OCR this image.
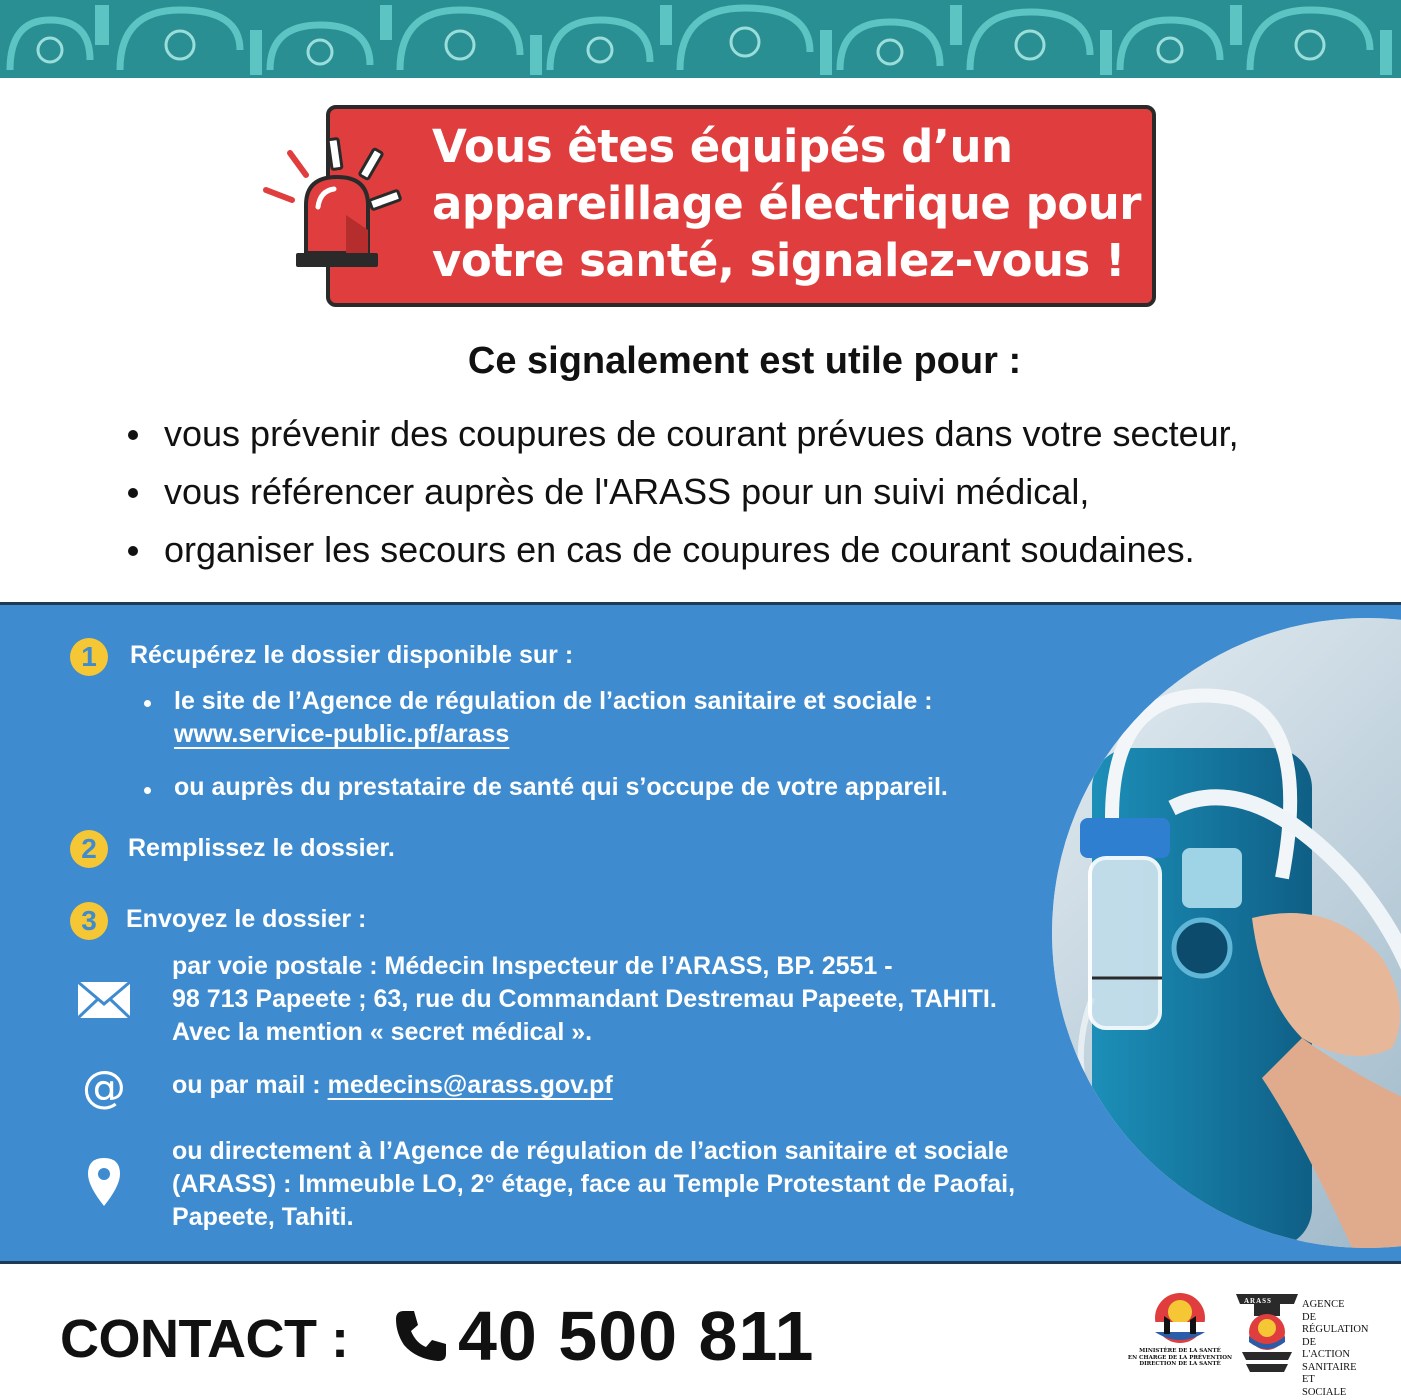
Vous êtes équipés d’un
appareillage électrique pour
votre santé, signalez-vous !
Ce signalement est utile pour :
vous prévenir des coupures de courant prévues dans votre secteur,
vous référencer auprès de l'ARASS pour un suivi médical,
organiser les secours en cas de coupures de courant soudaines.
1	Récupérez le dossier disponible sur :
le site de l’Agence de régulation de l’action sanitaire et sociale :
www.service-public.pf/arass
ou auprès du prestataire de santé qui s’occupe de votre appareil.
2	Remplissez le dossier.
3	Envoyez le dossier :
par voie postale : Médecin Inspecteur de l’ARASS, BP. 2551 -
98 713 Papeete ; 63, rue du Commandant Destremau Papeete, TAHITI.
Avec la mention « secret médical ».
@ ou par mail : medecins@arass.gov.pf
ou directement à l’Agence de régulation de l’action sanitaire et sociale
(ARASS) : Immeuble LO, 2° étage, face au Temple Protestant de Paofai,
Papeete, Tahiti.
CONTACT : 40 500 811	MINISTÈRE DE LA SANTÉ
EN CHARGE DE LA PRÉVENTION
DIRECTION DE LA SANTÉ
ARASS	AGENCE DE
RÉGULATION
DE L'ACTION
SANITAIRE
ET SOCIALE
